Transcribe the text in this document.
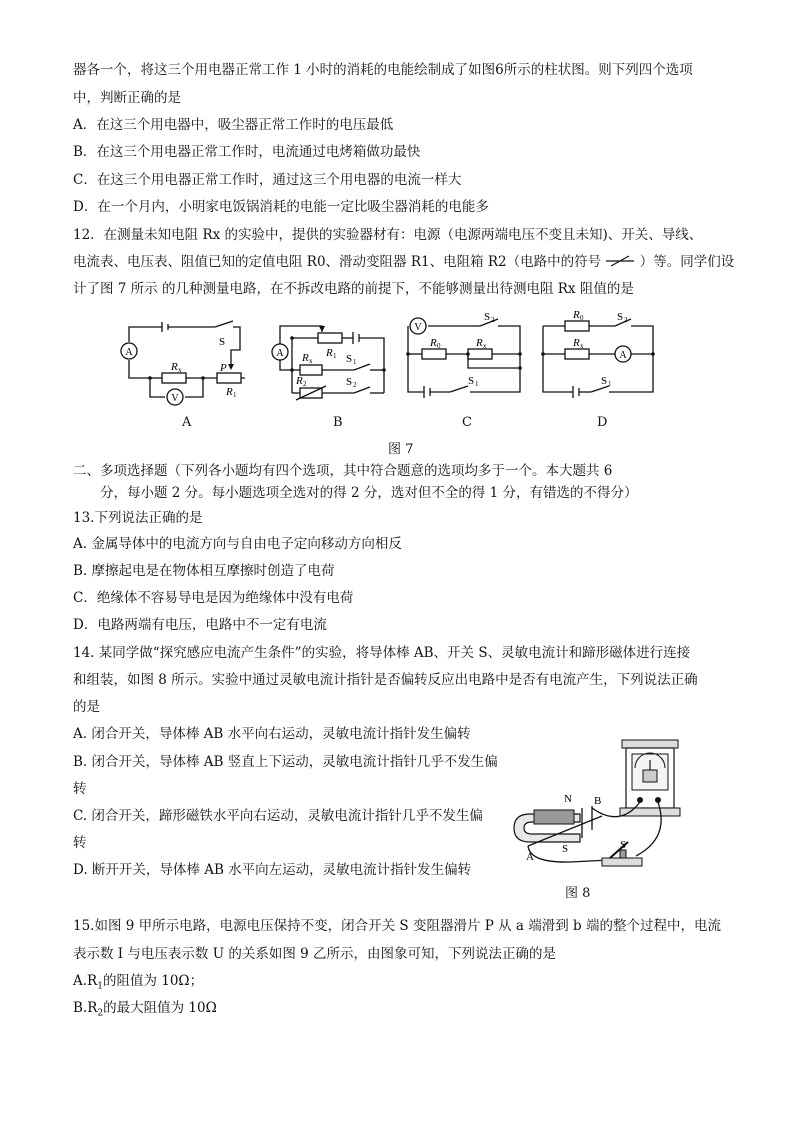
器各一个，将这三个用电器正常工作 1 小时的消耗的电能绘制成了如图6所示的柱状图。则下列四个选项
中，判断正确的是
A．在这三个用电器中，吸尘器正常工作时的电压最低
B．在这三个用电器正常工作时，电流通过电烤箱做功最快
C．在这三个用电器正常工作时，通过这三个用电器的电流一样大
D．在一个月内，小明家电饭锅消耗的电能一定比吸尘器消耗的电能多
12．在测量未知电阻 Rx 的实验中，提供的实验器材有：电源（电源两端电压不变且未知)、开关、导线、
电流表、电压表、阻值已知的定值电阻 R0、滑动变阻器 R1、电阻箱 R2（电路中的符号	）等。同学们设
计了图 7 所示 的几种测量电路，在不拆改电路的前提下，不能够测量出待测电阻 Rx 阻值的是
A
V
S
R x	P
R 1
A	R 1
R x
R 2
S 1
S 2
V
S 2
R 0	R x
S 1
A
R 0	S 2
R x
S 1
A	B	C	D
图 7
二、多项选择题（下列各小题均有四个选项，其中符合题意的选项均多于一个。本大题共 6
分，每小题 2 分。每小题选项全选对的得 2 分，选对但不全的得 1 分，有错选的不得分）
13.下列说法正确的是
A. 金属导体中的电流方向与自由电子定向移动方向相反
B. 摩擦起电是在物体相互摩擦时创造了电荷
C．绝缘体不容易导电是因为绝缘体中没有电荷
D．电路两端有电压，电路中不一定有电流
14. 某同学做“探究感应电流产生条件”的实验，将导体棒 AB、开关 S、灵敏电流计和蹄形磁体进行连接
和组装，如图 8 所示。实验中通过灵敏电流计指针是否偏转反应出电路中是否有电流产生，下列说法正确
的是
A. 闭合开关，导体棒 AB 水平向右运动，灵敏电流计指针发生偏转
B. 闭合开关，导体棒 AB 竖直上下运动，灵敏电流计指针几乎不发生偏
转
C. 闭合开关，蹄形磁铁水平向右运动，灵敏电流计指针几乎不发生偏
转
D. 断开开关，导体棒 AB 水平向左运动，灵敏电流计指针发生偏转
N B
A
S	S
图 8
15.如图 9 甲所示电路，电源电压保持不变，闭合开关 S 变阻器滑片 P 从 a 端滑到 b 端的整个过程中，电流
表示数 I 与电压表示数 U 的关系如图 9 乙所示，由图象可知，下列说法正确的是
$A.R_1$的阻值为 10Ω；
$B.R_2$的最大阻值为 10Ω
